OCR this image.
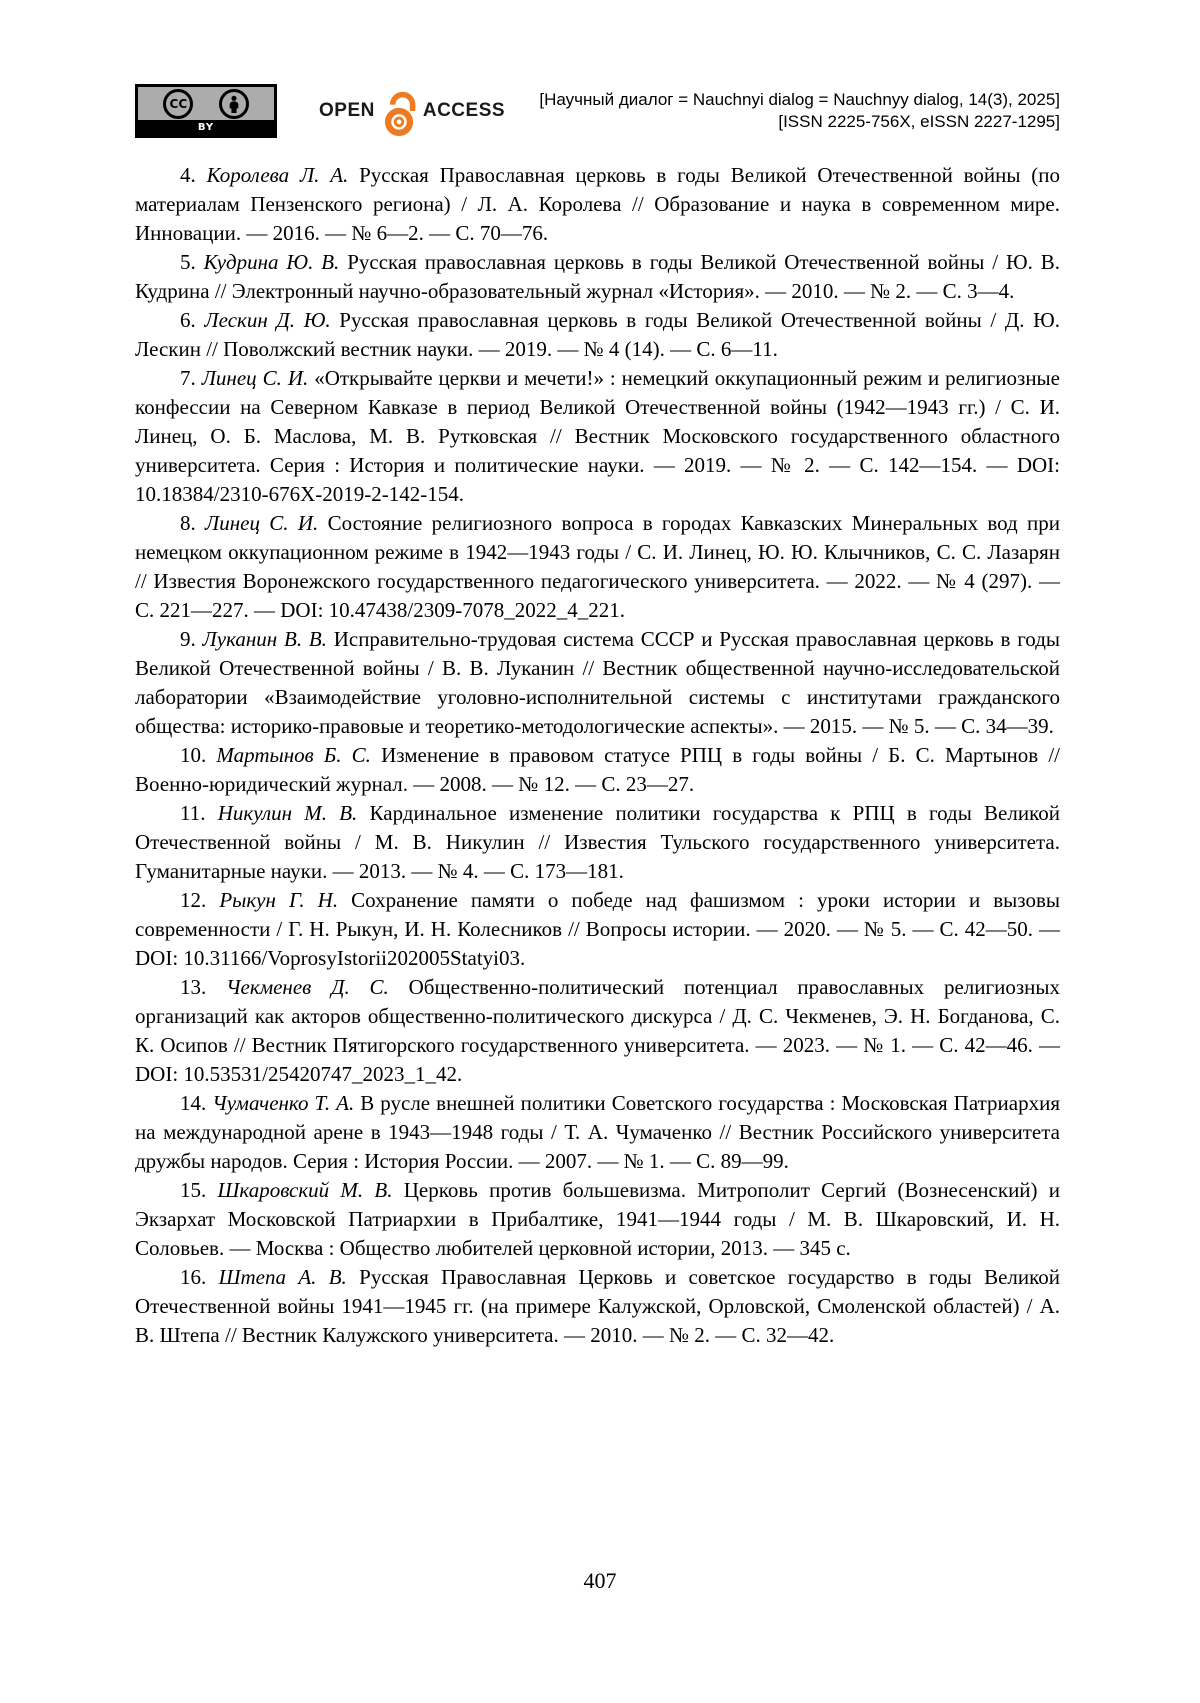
CC
BY
OPEN	ACCESS
[Научный диалог = Nauchnyi dialog = Nauchnyy dialog, 14(3), 2025]
[ISSN 2225-756X, eISSN 2227-1295]

4. Королева Л. А. Русская Православная церковь в годы Великой Отечественной войны (по материалам Пензенского региона) / Л. А. Королева // Образование и наука в современном мире. Инновации. — 2016. — № 6—2. — С. 70—76.

5. Кудрина Ю. В. Русская православная церковь в годы Великой Отечественной войны / Ю. В. Кудрина // Электронный научно-образовательный журнал «История». — 2010. — № 2. — С. 3—4.

6. Лескин Д. Ю. Русская православная церковь в годы Великой Отечественной войны / Д. Ю. Лескин // Поволжский вестник науки. — 2019. — № 4 (14). — С. 6—11.

7. Линец С. И. «Открывайте церкви и мечети!» : немецкий оккупационный режим и религиозные конфессии на Северном Кавказе в период Великой Отечественной войны (1942—1943 гг.) / С. И. Линец, О. Б. Маслова, М. В. Рутковская // Вестник Московского государственного областного университета. Серия : История и политические науки. — 2019. — № 2. — С. 142—154. — DOI: 10.18384/2310-676X-2019-2-142-154.

8. Линец С. И. Состояние религиозного вопроса в городах Кавказских Минеральных вод при немецком оккупационном режиме в 1942—1943 годы / С. И. Линец, Ю. Ю. Клычников, С. С. Лазарян // Известия Воронежского государственного педагогического университета. — 2022. — № 4 (297). — С. 221—227. — DOI: 10.47438/2309-7078_2022_4_221.

9. Луканин В. В. Исправительно-трудовая система СССР и Русская православная церковь в годы Великой Отечественной войны / В. В. Луканин // Вестник общественной научно-исследовательской лаборатории «Взаимодействие уголовно-исполнительной системы с институтами гражданского общества: историко-правовые и теоретико-методологические аспекты». — 2015. — № 5. — С. 34—39.

10. Мартынов Б. С. Изменение в правовом статусе РПЦ в годы войны / Б. С. Мартынов // Военно-юридический журнал. — 2008. — № 12. — С. 23—27.

11. Никулин М. В. Кардинальное изменение политики государства к РПЦ в годы Великой Отечественной войны / М. В. Никулин // Известия Тульского государственного университета. Гуманитарные науки. — 2013. — № 4. — С. 173—181.

12. Рыкун Г. Н. Сохранение памяти о победе над фашизмом : уроки истории и вызовы современности / Г. Н. Рыкун, И. Н. Колесников // Вопросы истории. — 2020. — № 5. — С. 42—50. — DOI: 10.31166/VoprosyIstorii202005Statyi03.

13. Чекменев Д. С. Общественно-политический потенциал православных религиозных организаций как акторов общественно-политического дискурса / Д. С. Чекменев, Э. Н. Богданова, С. К. Осипов // Вестник Пятигорского государственного университета. — 2023. — № 1. — С. 42—46. — DOI: 10.53531/25420747_2023_1_42.

14. Чумаченко Т. А. В русле внешней политики Советского государства : Московская Патриархия на международной арене в 1943—1948 годы / Т. А. Чумаченко // Вестник Российского университета дружбы народов. Серия : История России. — 2007. — № 1. — С. 89—99.

15. Шкаровский М. В. Церковь против большевизма. Митрополит Сергий (Вознесенский) и Экзархат Московской Патриархии в Прибалтике, 1941—1944 годы / М. В. Шкаровский, И. Н. Соловьев. — Москва : Общество любителей церковной истории, 2013. — 345 с.

16. Штепа А. В. Русская Православная Церковь и советское государство в годы Великой Отечественной войны 1941—1945 гг. (на примере Калужской, Орловской, Смоленской областей) / А. В. Штепа // Вестник Калужского университета. — 2010. — № 2. — С. 32—42.

407
